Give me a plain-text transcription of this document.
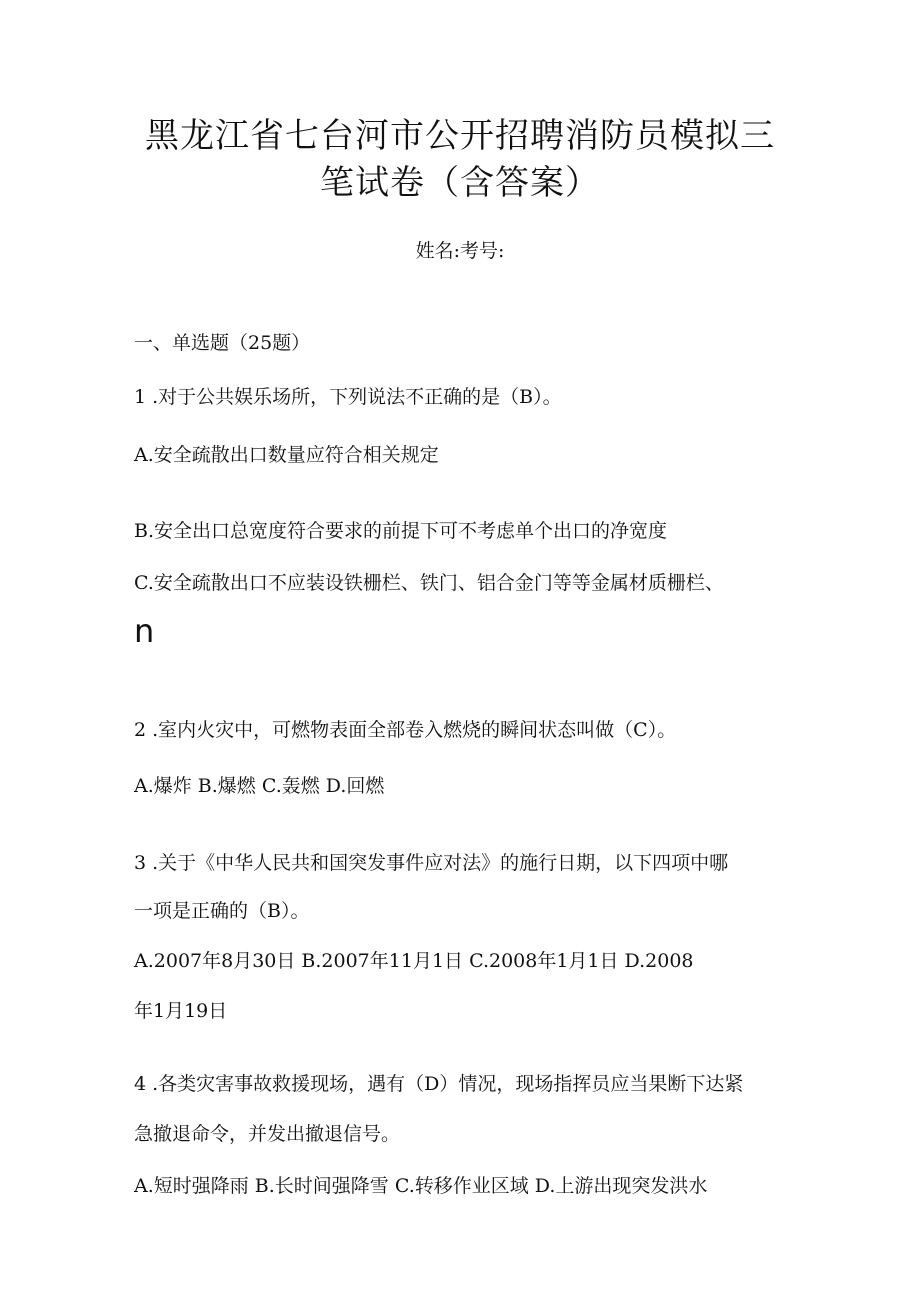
黑龙江省七台河市公开招聘消防员模拟三
笔试卷（含答案）
姓名:考号:
一、单选题（25题）
1 .对于公共娱乐场所，下列说法不正确的是（B）。
A.安全疏散出口数量应符合相关规定
B.安全出口总宽度符合要求的前提下可不考虑单个出口的净宽度
C.安全疏散出口不应装设铁栅栏、铁门、铝合金门等等金属材质栅栏、
n
2 .室内火灾中，可燃物表面全部卷入燃烧的瞬间状态叫做（C）。
A.爆炸 B.爆燃 C.轰燃 D.回燃
3 .关于《中华人民共和国突发事件应对法》的施行日期，以下四项中哪
一项是正确的（B）。
A.2007年8月30日 B.2007年11月1日 C.2008年1月1日 D.2008
年1月19日
4 .各类灾害事故救援现场，遇有（D）情况，现场指挥员应当果断下达紧
急撤退命令，并发出撤退信号。
A.短时强降雨 B.长时间强降雪 C.转移作业区域 D.上游出现突发洪水
